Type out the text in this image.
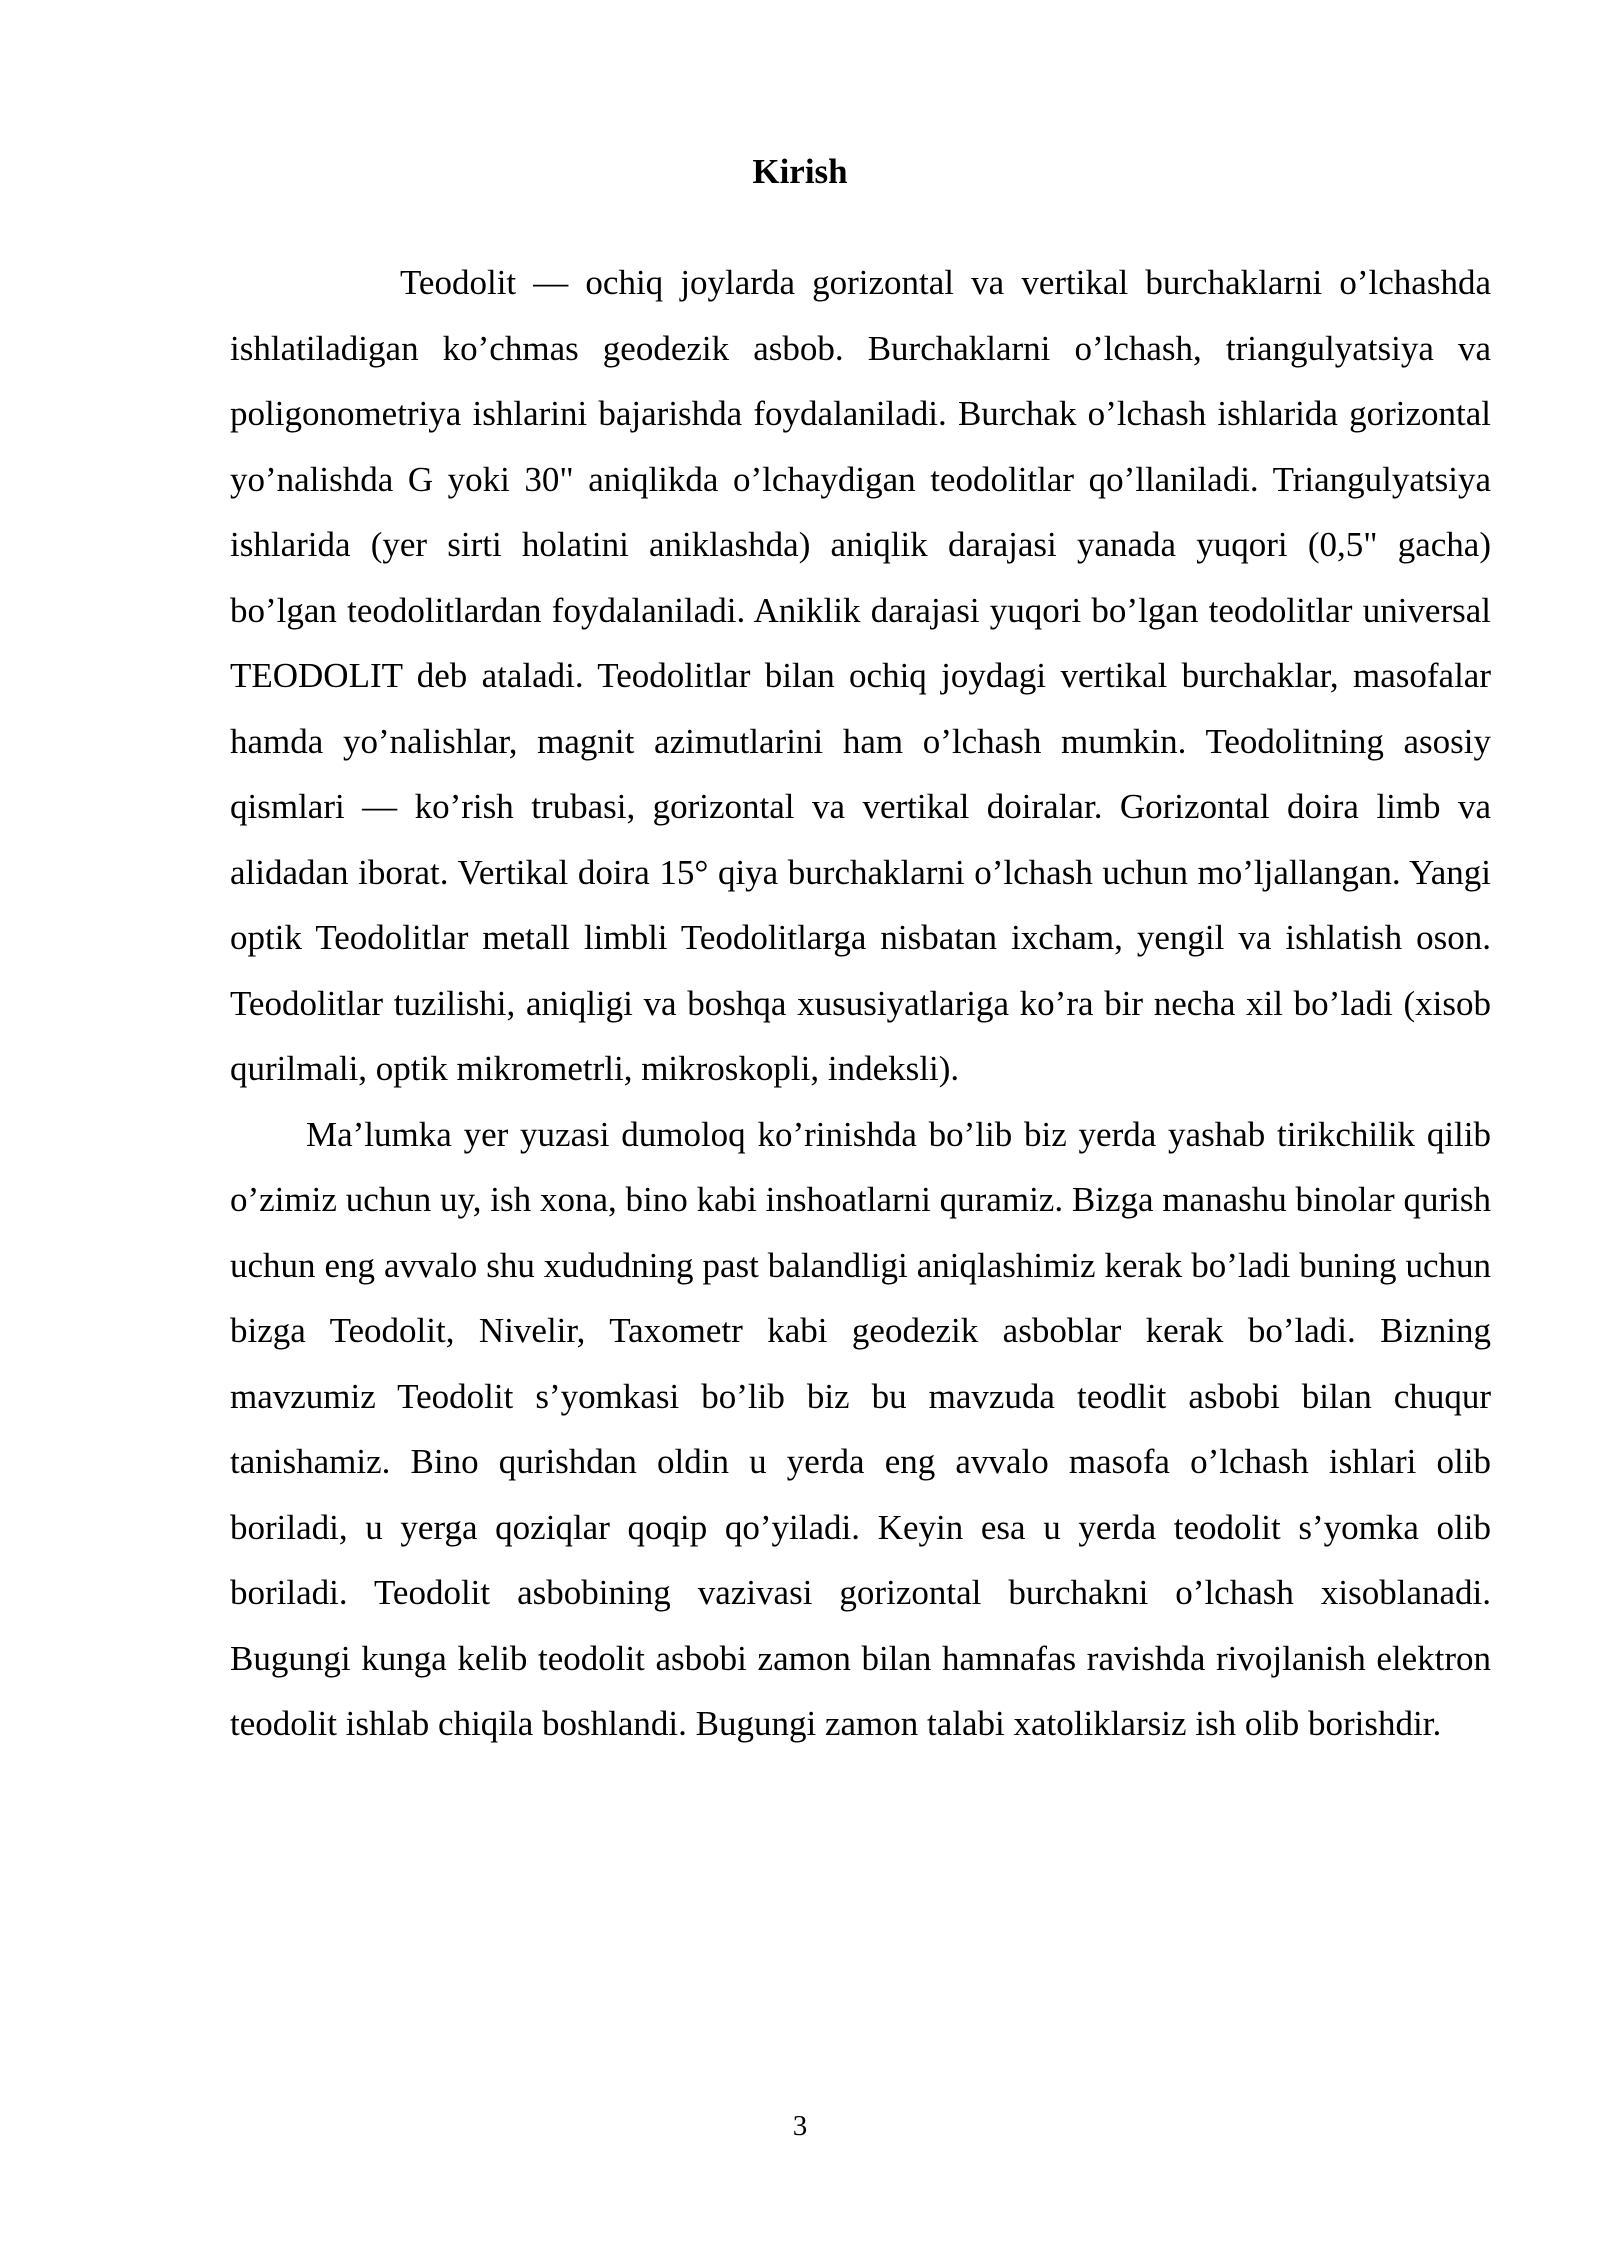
Kirish

Teodolit — ochiq joylarda gorizontal va vertikal burchaklarni o’lchashda ishlatiladigan ko’chmas geodezik asbob. Burchaklarni o’lchash, triangulyatsiya va poligonometriya ishlarini bajarishda foydalaniladi. Burchak o’lchash ishlarida gorizontal yo’nalishda G yoki 30" aniqlikda o’lchaydigan teodolitlar qo’llaniladi. Triangulyatsiya ishlarida (yer sirti holatini aniklashda) aniqlik darajasi yanada yuqori (0,5" gacha) bo’lgan teodolitlardan foydalaniladi. Aniklik darajasi yuqori bo’lgan teodolitlar universal TEODOLIT deb ataladi. Teodolitlar bilan ochiq joydagi vertikal burchaklar, masofalar hamda yo’nalishlar, magnit azimutlarini ham o’lchash mumkin. Teodolitning asosiy qismlari — ko’rish trubasi, gorizontal va vertikal doiralar. Gorizontal doira limb va alidadan iborat. Vertikal doira 15° qiya burchaklarni o’lchash uchun mo’ljallangan. Yangi optik Teodolitlar metall limbli Teodolitlarga nisbatan ixcham, yengil va ishlatish oson. Teodolitlar tuzilishi, aniqligi va boshqa xususiyatlariga ko’ra bir necha xil bo’ladi (xisob qurilmali, optik mikrometrli, mikroskopli, indeksli).

Ma’lumka yer yuzasi dumoloq ko’rinishda bo’lib biz yerda yashab tirikchilik qilib o’zimiz uchun uy, ish xona, bino kabi inshoatlarni quramiz. Bizga manashu binolar qurish uchun eng avvalo shu xududning past balandligi aniqlashimiz kerak bo’ladi buning uchun bizga Teodolit, Nivelir, Taxometr kabi geodezik asboblar kerak bo’ladi. Bizning mavzumiz Teodolit s’yomkasi bo’lib biz bu mavzuda teodlit asbobi bilan chuqur tanishamiz. Bino qurishdan oldin u yerda eng avvalo masofa o’lchash ishlari olib boriladi, u yerga qoziqlar qoqip qo’yiladi. Keyin esa u yerda teodolit s’yomka olib boriladi. Teodolit asbobining vazivasi gorizontal burchakni o’lchash xisoblanadi. Bugungi kunga kelib teodolit asbobi zamon bilan hamnafas ravishda rivojlanish elektron teodolit ishlab chiqila boshlandi. Bugungi zamon talabi xatoliklarsiz ish olib borishdir.

3
